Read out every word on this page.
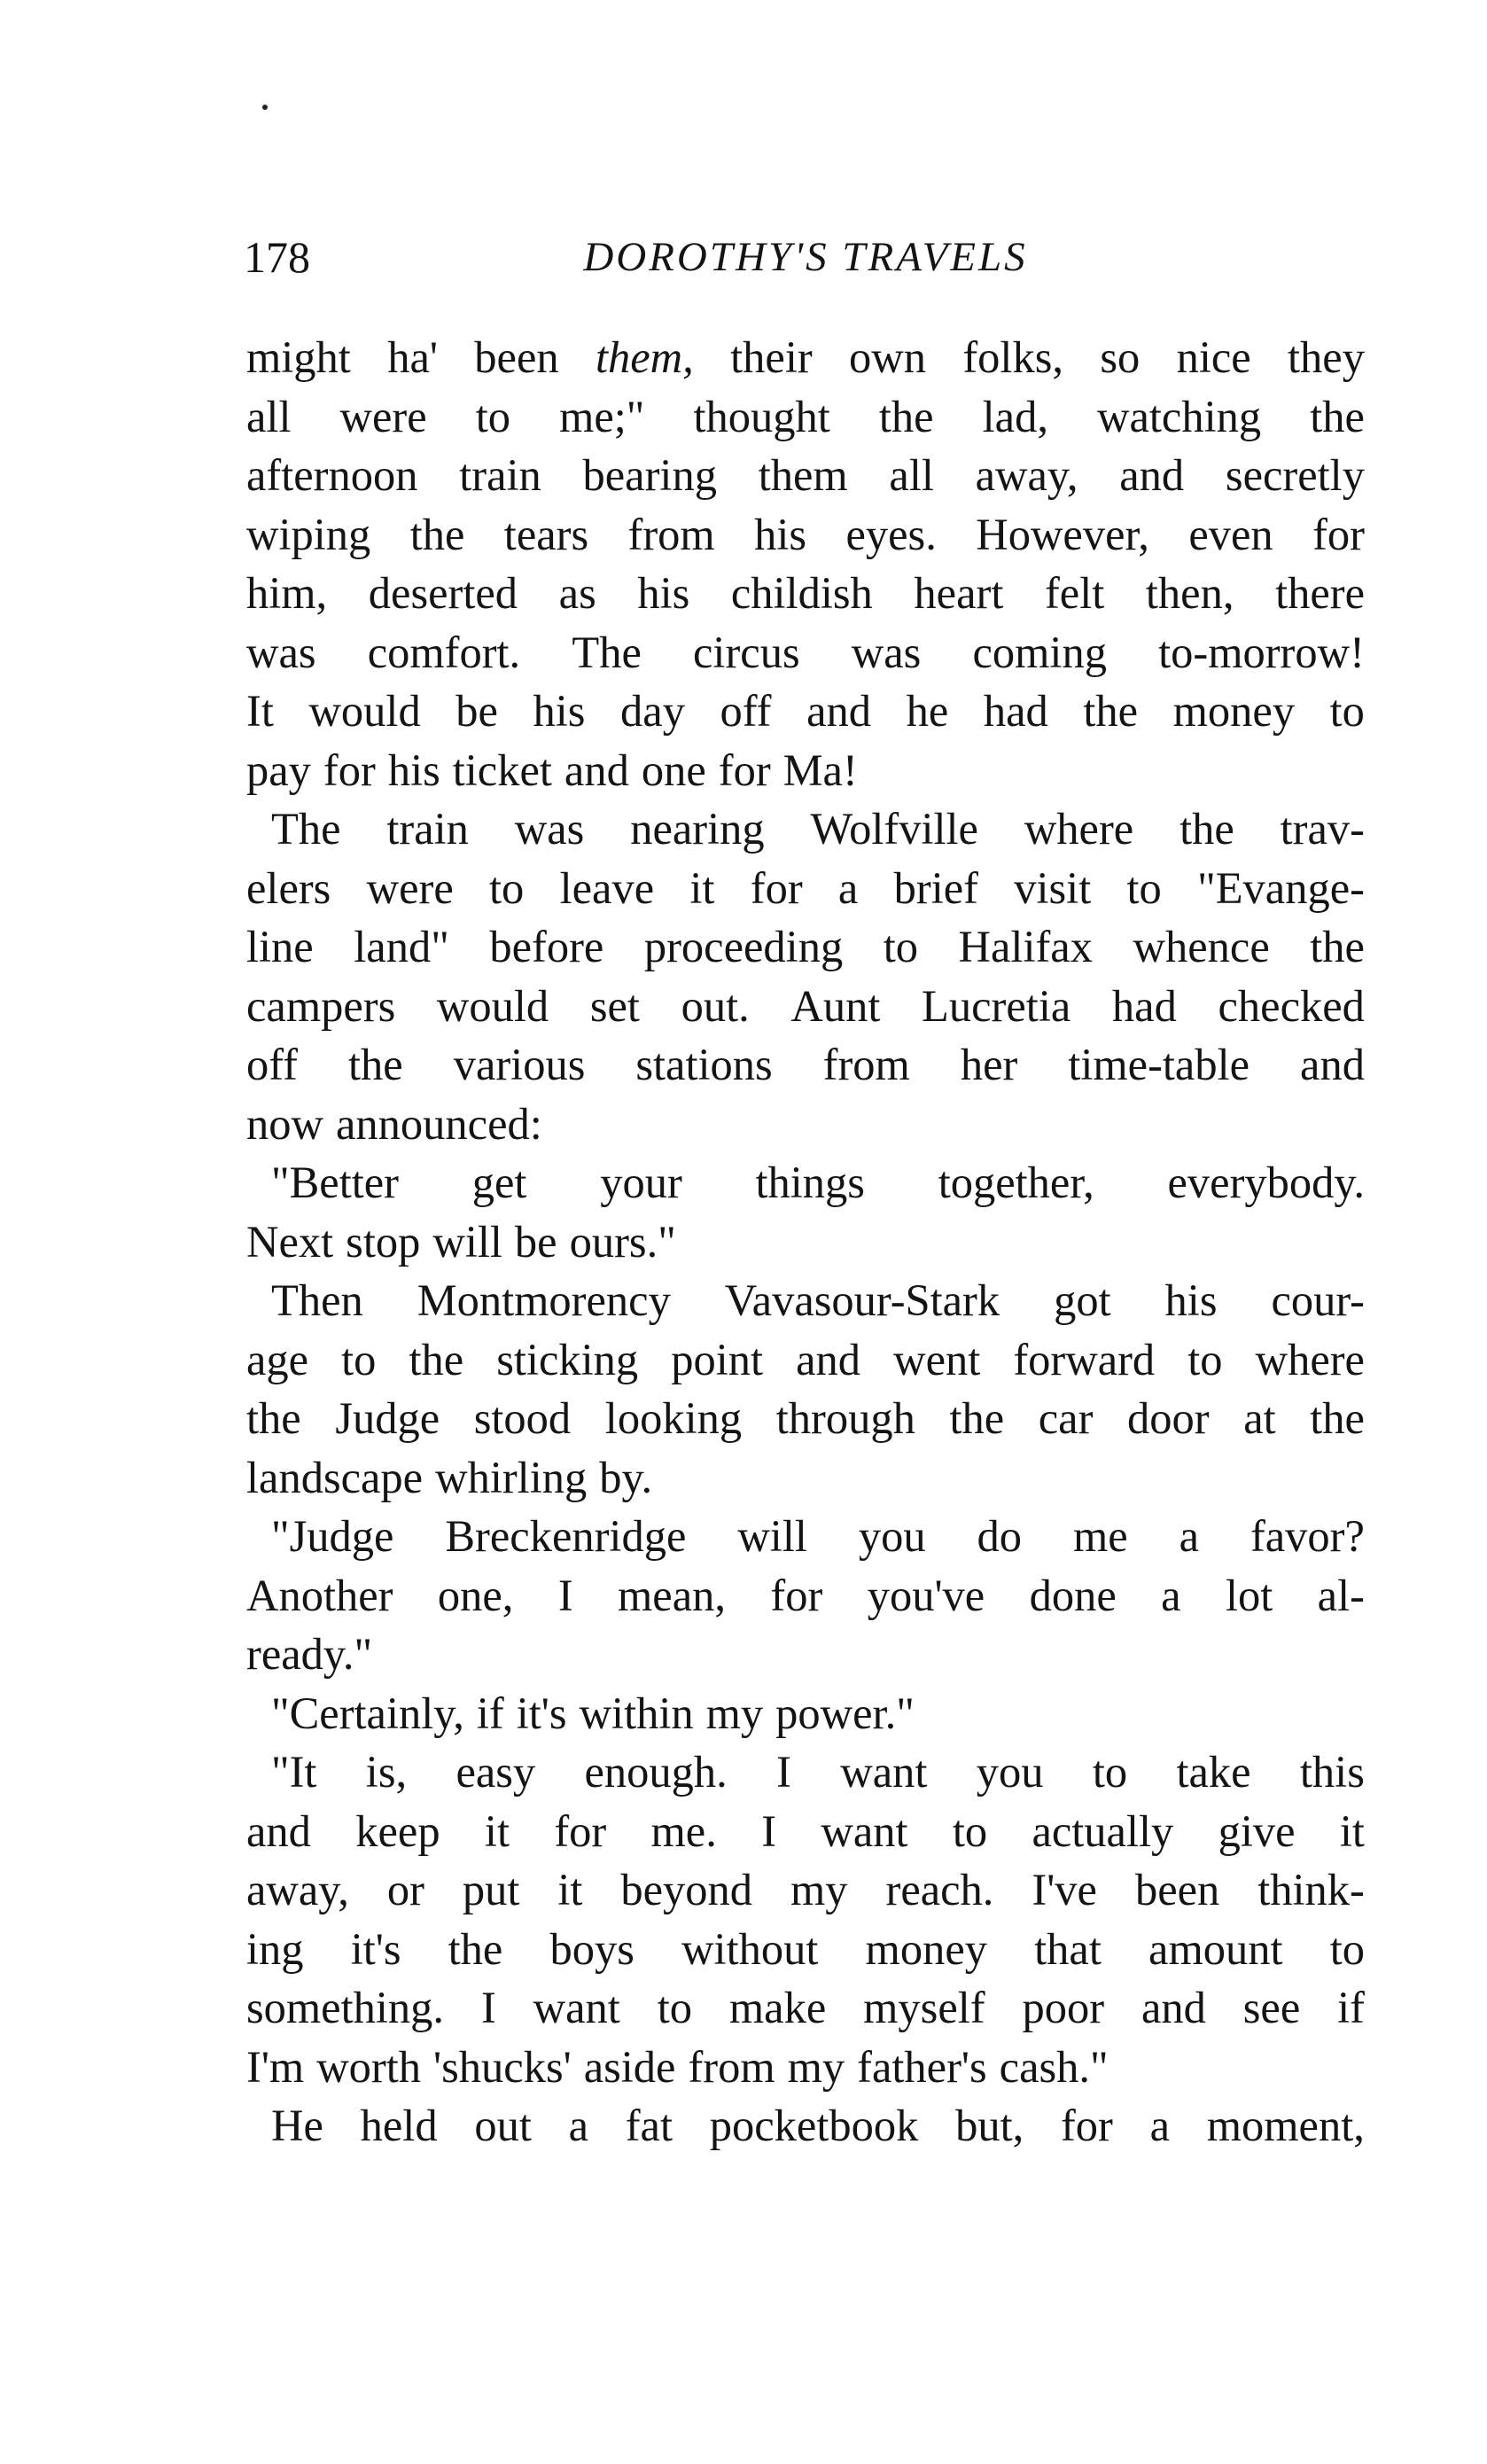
DOROTHY'S TRAVELS
178
might ha' been them, their own folks, so nice they
all were to me;" thought the lad, watching the
afternoon train bearing them all away, and secretly
wiping the tears from his eyes. However, even for
him, deserted as his childish heart felt then, there
was comfort. The circus was coming to-morrow!
It would be his day off and he had the money to
pay for his ticket and one for Ma!
The train was nearing Wolfville where the trav-
elers were to leave it for a brief visit to "Evange-
line land" before proceeding to Halifax whence the
campers would set out. Aunt Lucretia had checked
off the various stations from her time-table and
now announced:
"Better get your things together, everybody.
Next stop will be ours."
Then Montmorency Vavasour-Stark got his cour-
age to the sticking point and went forward to where
the Judge stood looking through the car door at the
landscape whirling by.
"Judge Breckenridge will you do me a favor?
Another one, I mean, for you've done a lot al-
ready."
"Certainly, if it's within my power."
"It is, easy enough. I want you to take this
and keep it for me. I want to actually give it
away, or put it beyond my reach. I've been think-
ing it's the boys without money that amount to
something. I want to make myself poor and see if
I'm worth 'shucks' aside from my father's cash."
He held out a fat pocketbook but, for a moment,
